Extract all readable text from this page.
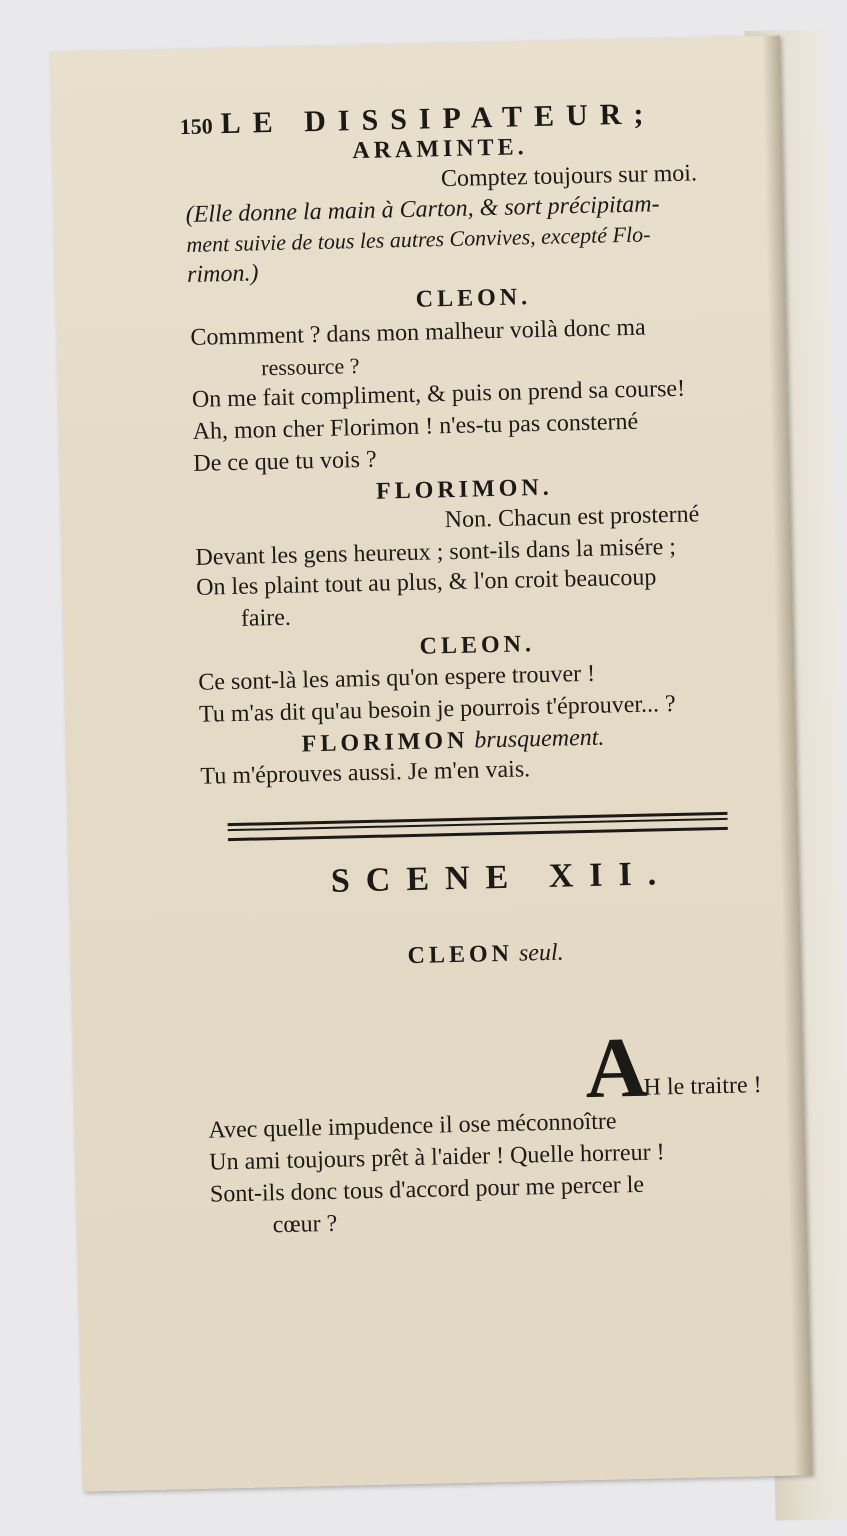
150 LE DISSIPATEUR;
ARAMINTE.
Comptez toujours sur moi.
(Elle donne la main à Carton, & sort précipitam-
ment suivie de tous les autres Convives, excepté Flo-
rimon.)
CLEON.
Commment ? dans mon malheur voilà donc ma
ressource ?
On me fait compliment, & puis on prend sa course!
Ah, mon cher Florimon ! n'es-tu pas consterné
De ce que tu vois ?
FLORIMON.
Non. Chacun est prosterné
Devant les gens heureux ; sont-ils dans la misére ;
On les plaint tout au plus, & l'on croit beaucoup
faire.
CLEON.
Ce sont-là les amis qu'on espere trouver !
Tu m'as dit qu'au besoin je pourrois t'éprouver... ?
FLORIMON brusquement.
Tu m'éprouves aussi. Je m'en vais.
SCENE XII.
CLEON seul.
A
H le traitre !
Avec quelle impudence il ose méconnoître
Un ami toujours prêt à l'aider ! Quelle horreur !
Sont-ils donc tous d'accord pour me percer le
cœur ?
